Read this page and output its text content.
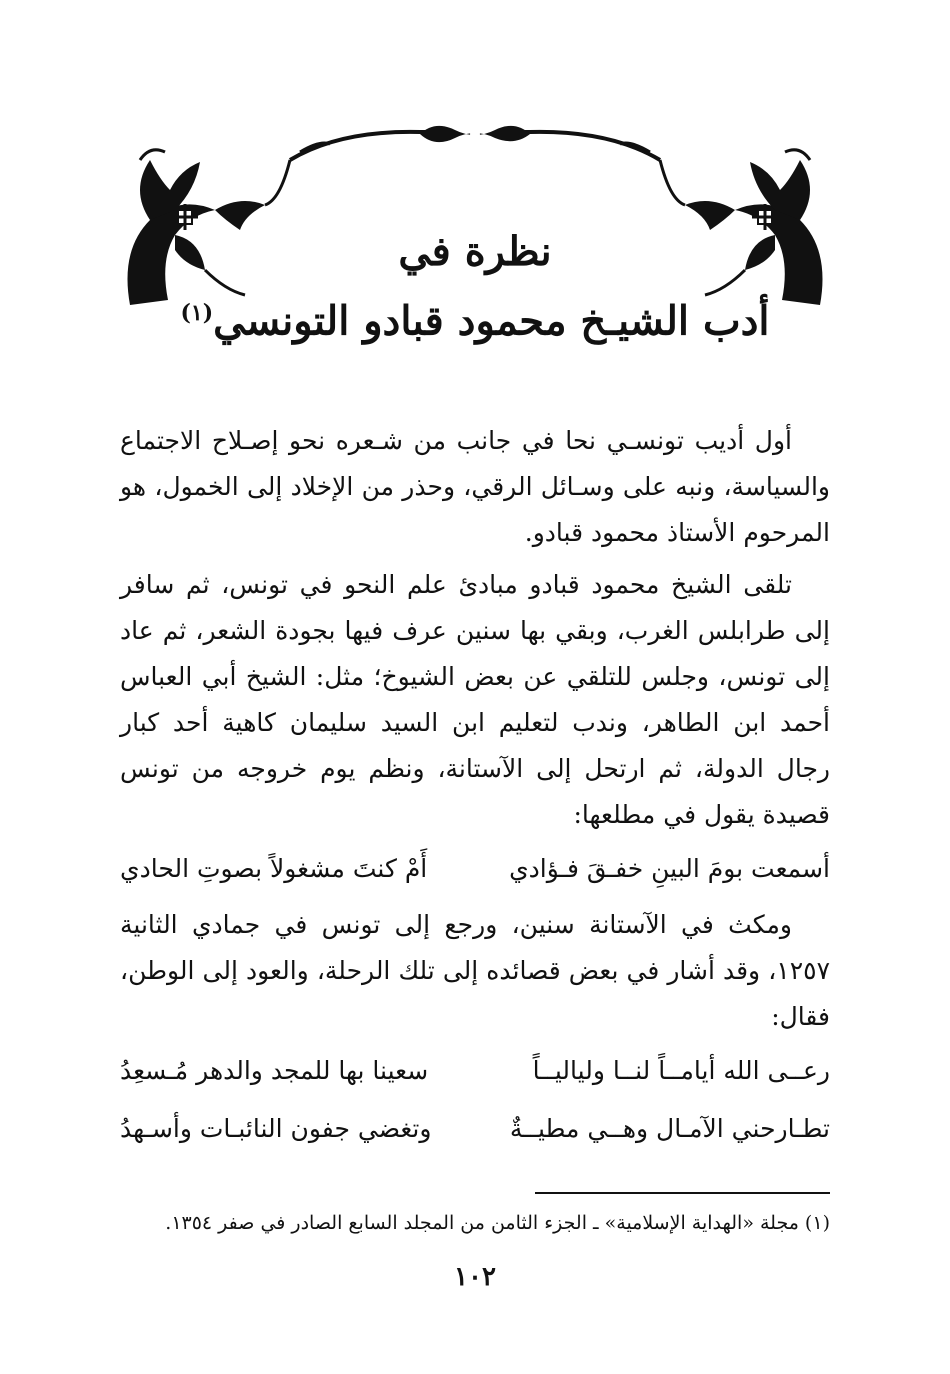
نظرة في
أدب الشيـخ محمود قبادو التونسي$^{(١)}$

أول أديب تونسـي نحا في جانب من شـعره نحو إصـلاح الاجتماع والسياسة، ونبه على وسـائل الرقي، وحذر من الإخلاد إلى الخمول، هو المرحوم الأستاذ محمود قبادو.

تلقى الشيخ محمود قبادو مبادئ علم النحو في تونس، ثم سافر إلى طرابلس الغرب، وبقي بها سنين عرف فيها بجودة الشعر، ثم عاد إلى تونس، وجلس للتلقي عن بعض الشيوخ؛ مثل: الشيخ أبي العباس أحمد ابن الطاهر، وندب لتعليم ابن السيد سليمان كاهية أحد كبار رجال الدولة، ثم ارتحل إلى الآستانة، ونظم يوم خروجه من تونس قصيدة يقول في مطلعها:

أسمعت بومَ البينِ خفـقَ فـؤادي
أَمْ كنتَ مشغولاً بصوتِ الحادي

ومكث في الآستانة سنين، ورجع إلى تونس في جمادي الثانية ١٢٥٧، وقد أشار في بعض قصائده إلى تلك الرحلة، والعود إلى الوطن، فقال:

رعــى الله أيامــاً لنــا ولياليــاً
سعينا بها للمجد والدهر مُـسعِدُ
تطـارحني الآمـال وهــي مطيــةٌ
وتغضي جفون النائبـات وأسـهدُ
(١) مجلة «الهداية الإسلامية» ـ الجزء الثامن من المجلد السابع الصادر في صفر ١٣٥٤.
١٠٢
